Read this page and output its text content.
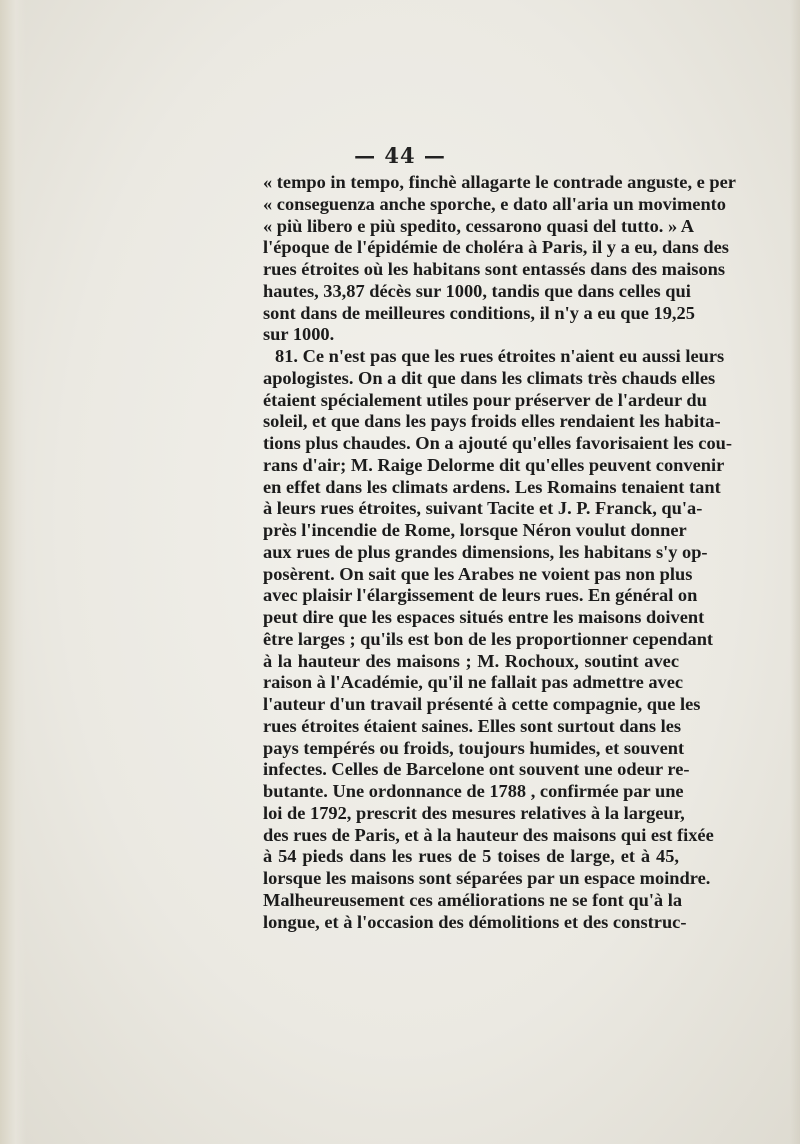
— 44 —
« tempo in tempo, finchè allagarte le contrade anguste, e per
« conseguenza anche sporche, e dato all'aria un movimento
« più libero e più spedito, cessarono quasi del tutto. » A
l'époque de l'épidémie de choléra à Paris, il y a eu, dans des
rues étroites où les habitans sont entassés dans des maisons
hautes, 33,87 décès sur 1000, tandis que dans celles qui
sont dans de meilleures conditions, il n'y a eu que 19,25
sur 1000.
81. Ce n'est pas que les rues étroites n'aient eu aussi leurs
apologistes. On a dit que dans les climats très chauds elles
étaient spécialement utiles pour préserver de l'ardeur du
soleil, et que dans les pays froids elles rendaient les habita-
tions plus chaudes. On a ajouté qu'elles favorisaient les cou-
rans d'air; M. Raige Delorme dit qu'elles peuvent convenir
en effet dans les climats ardens. Les Romains tenaient tant
à leurs rues étroites, suivant Tacite et J. P. Franck, qu'a-
près l'incendie de Rome, lorsque Néron voulut donner
aux rues de plus grandes dimensions, les habitans s'y op-
posèrent. On sait que les Arabes ne voient pas non plus
avec plaisir l'élargissement de leurs rues. En général on
peut dire que les espaces situés entre les maisons doivent
être larges ; qu'ils est bon de les proportionner cependant
à la hauteur des maisons ; M. Rochoux, soutint avec
raison à l'Académie, qu'il ne fallait pas admettre avec
l'auteur d'un travail présenté à cette compagnie, que les
rues étroites étaient saines. Elles sont surtout dans les
pays tempérés ou froids, toujours humides, et souvent
infectes. Celles de Barcelone ont souvent une odeur re-
butante. Une ordonnance de 1788 , confirmée par une
loi de 1792, prescrit des mesures relatives à la largeur,
des rues de Paris, et à la hauteur des maisons qui est fixée
à 54 pieds dans les rues de 5 toises de large, et à 45,
lorsque les maisons sont séparées par un espace moindre.
Malheureusement ces améliorations ne se font qu'à la
longue, et à l'occasion des démolitions et des construc-
